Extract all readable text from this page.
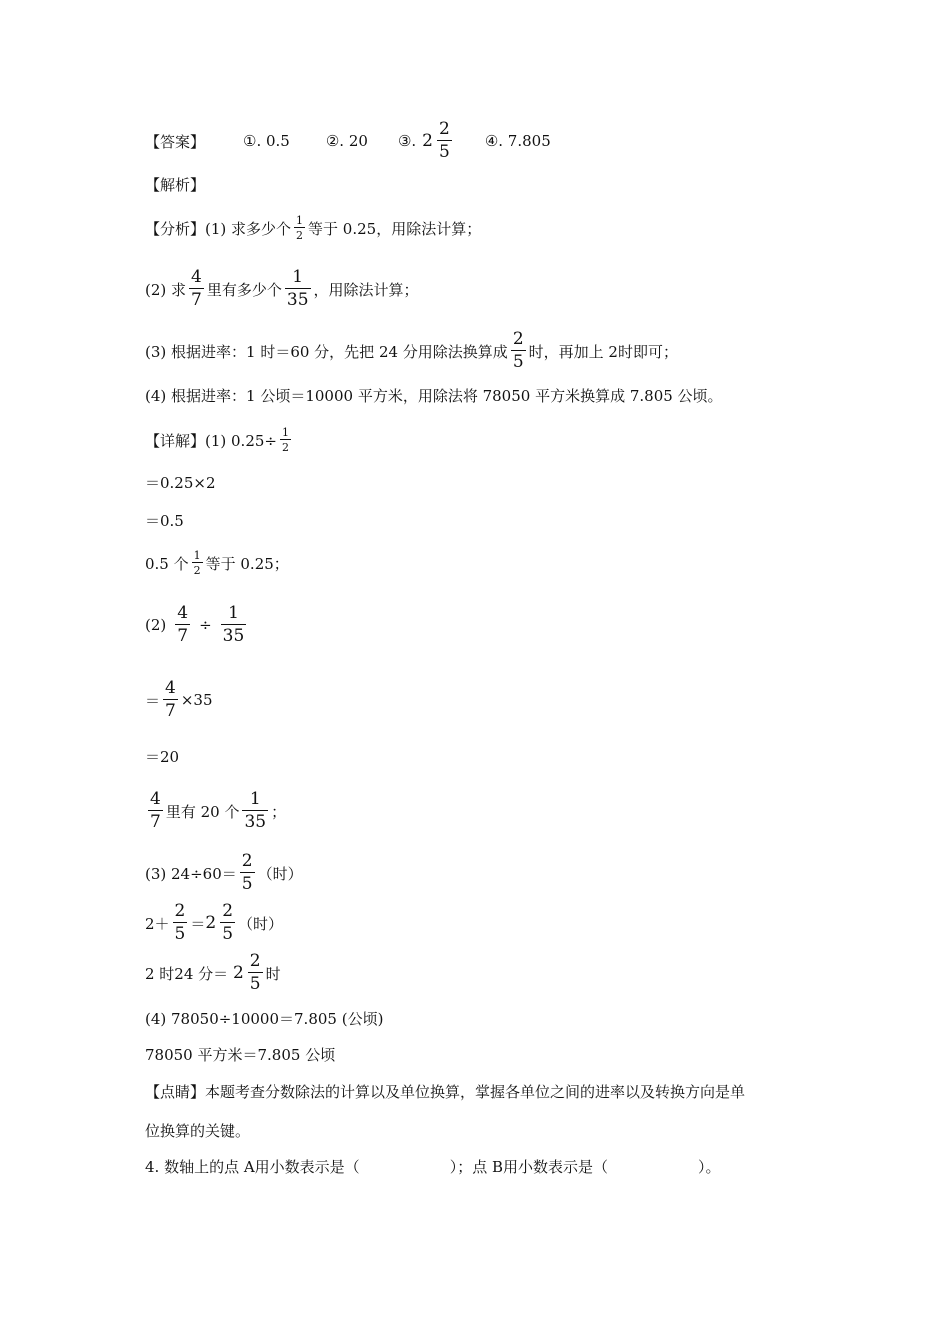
【答案】	①. 0.5 ②. 20 ③. $2 \frac{2}{5}$ ④. 7.805
【解析】
【分析】(1) 求多少个 $\frac{1}{2}$ 等于 0.25，用除法计算；
(2) 求 $\frac{4}{7}$ 里有多少个 $\frac{1}{35}$ ，用除法计算；
(3) 根据进率：1 时＝60 分，先把 24 分用除法换算成 $\frac{2}{5}$ 时，再加上 2时即可；
(4) 根据进率：1 公顷＝10000 平方米，用除法将 78050 平方米换算成 7.805 公顷。
【详解】(1) $0.25\div \frac{1}{2}$
＝0.25×2
＝0.5
0.5 个 $\frac{1}{2}$ 等于 0.25；
$(2) \frac{4}{7} \div \frac{1}{35}$
＝ $\frac{4}{7} \times 35$
＝20
$\frac{4}{7}$ 里有 20 个 $\frac{1}{35}$ ；
(3) $24\div 60= \frac{2}{5}$ （时）
$2+ \frac{2}{5} = 2 \frac{2}{5}$ （时）
2 时24 分＝ $2 \frac{2}{5}$ 时
(4) 78050÷10000＝7.805 (公顷)
78050 平方米＝7.805 公顷
【点睛】本题考查分数除法的计算以及单位换算，掌握各单位之间的进率以及转换方向是单
位换算的关键。
4. 数轴上的点 A用小数表示是（	）；点 B用小数表示是（	）。
